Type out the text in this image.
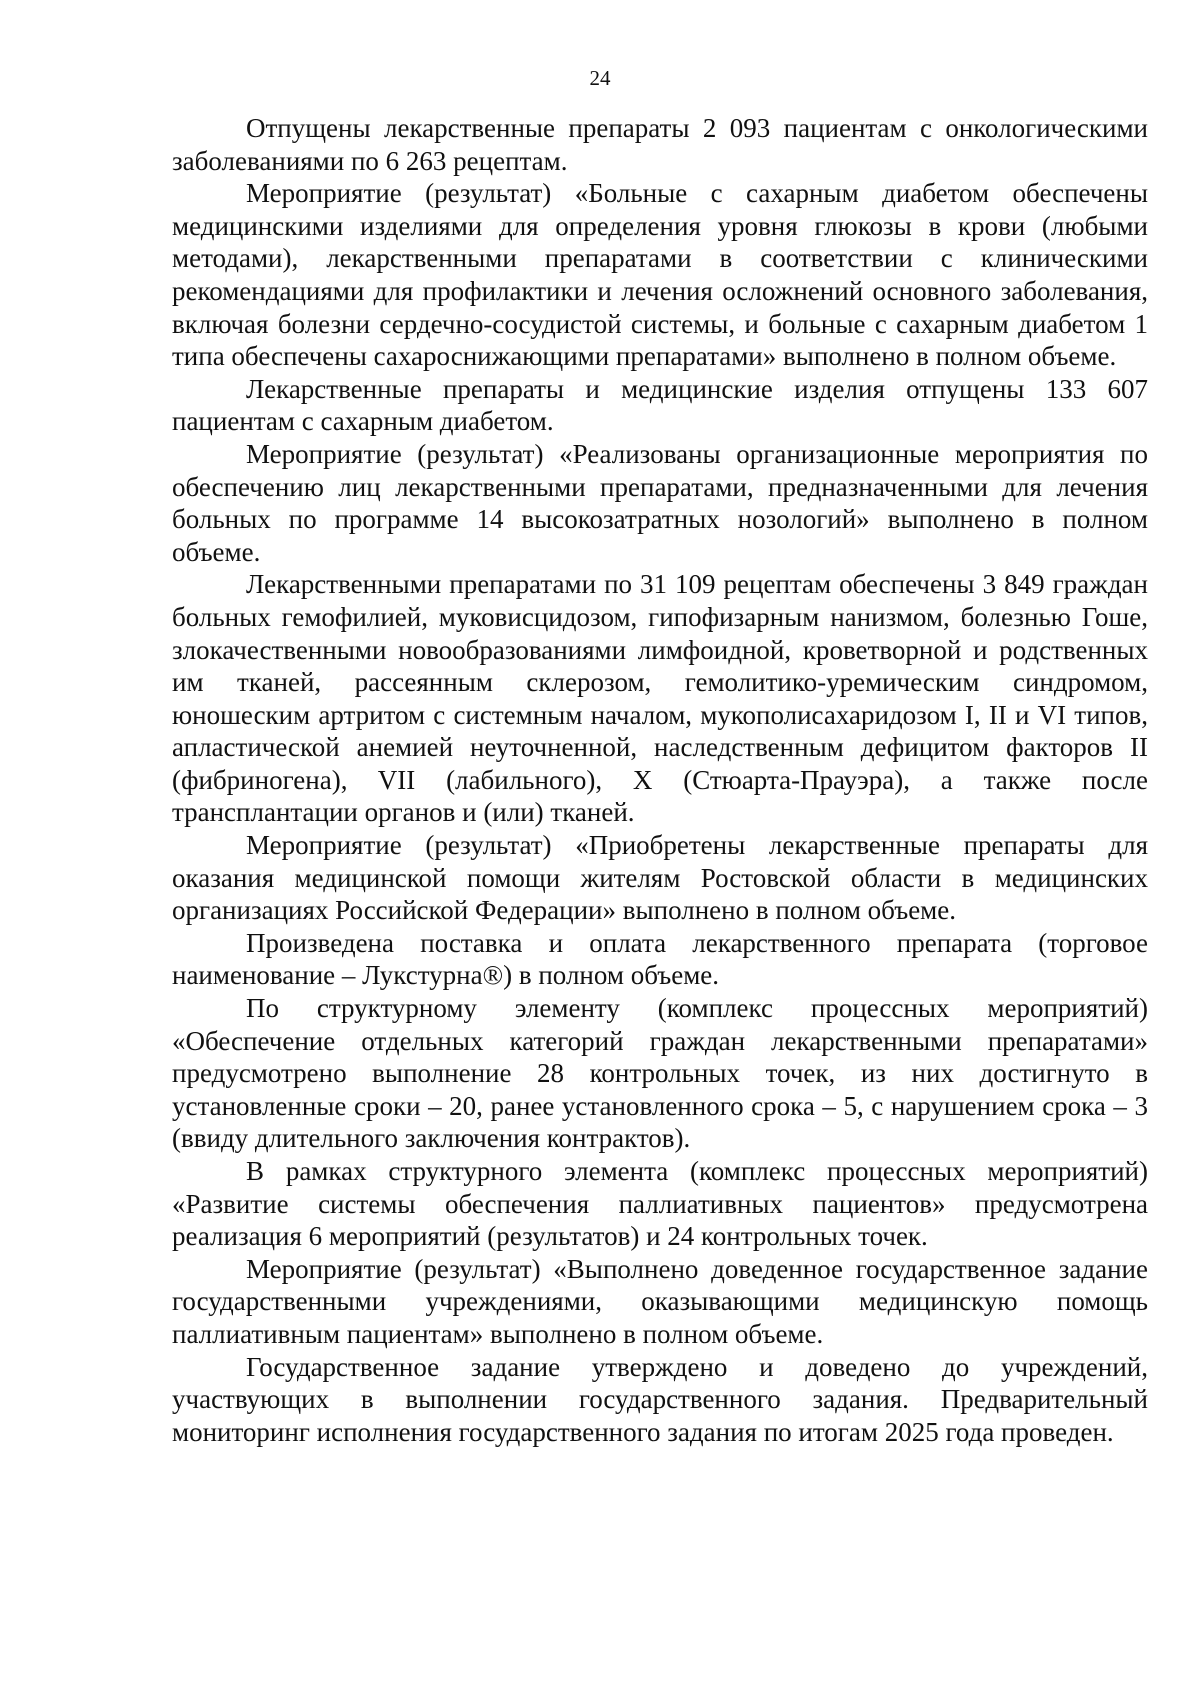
24

Отпущены лекарственные препараты 2 093 пациентам с онкологическими заболеваниями по 6 263 рецептам.

Мероприятие (результат) «Больные с сахарным диабетом обеспечены медицинскими изделиями для определения уровня глюкозы в крови (любыми методами), лекарственными препаратами в соответствии с клиническими рекомендациями для профилактики и лечения осложнений основного заболевания, включая болезни сердечно-сосудистой системы, и больные с сахарным диабетом 1 типа обеспечены сахароснижающими препаратами» выполнено в полном объеме.

Лекарственные препараты и медицинские изделия отпущены 133 607 пациентам с сахарным диабетом.

Мероприятие (результат) «Реализованы организационные мероприятия по обеспечению лиц лекарственными препаратами, предназначенными для лечения больных по программе 14 высокозатратных нозологий» выполнено в полном объеме.

Лекарственными препаратами по 31 109 рецептам обеспечены 3 849 граждан больных гемофилией, муковисцидозом, гипофизарным нанизмом, болезнью Гоше, злокачественными новообразованиями лимфоидной, кроветворной и родственных им тканей, рассеянным склерозом, гемолитико-уремическим синдромом, юношеским артритом с системным началом, мукополисахаридозом I, II и VI типов, апластической анемией неуточненной, наследственным дефицитом факторов II (фибриногена), VII (лабильного), X (Стюарта-Прауэра), а также после трансплантации органов и (или) тканей.

Мероприятие (результат) «Приобретены лекарственные препараты для оказания медицинской помощи жителям Ростовской области в медицинских организациях Российской Федерации» выполнено в полном объеме.

Произведена поставка и оплата лекарственного препарата (торговое наименование – Лукстурна®) в полном объеме.

По структурному элементу (комплекс процессных мероприятий) «Обеспечение отдельных категорий граждан лекарственными препаратами» предусмотрено выполнение 28 контрольных точек, из них достигнуто в установленные сроки – 20, ранее установленного срока – 5, с нарушением срока – 3 (ввиду длительного заключения контрактов).

В рамках структурного элемента (комплекс процессных мероприятий) «Развитие системы обеспечения паллиативных пациентов» предусмотрена реализация 6 мероприятий (результатов) и 24 контрольных точек.

Мероприятие (результат) «Выполнено доведенное государственное задание государственными учреждениями, оказывающими медицинскую помощь паллиативным пациентам» выполнено в полном объеме.

Государственное задание утверждено и доведено до учреждений, участвующих в выполнении государственного задания. Предварительный мониторинг исполнения государственного задания по итогам 2025 года проведен.
